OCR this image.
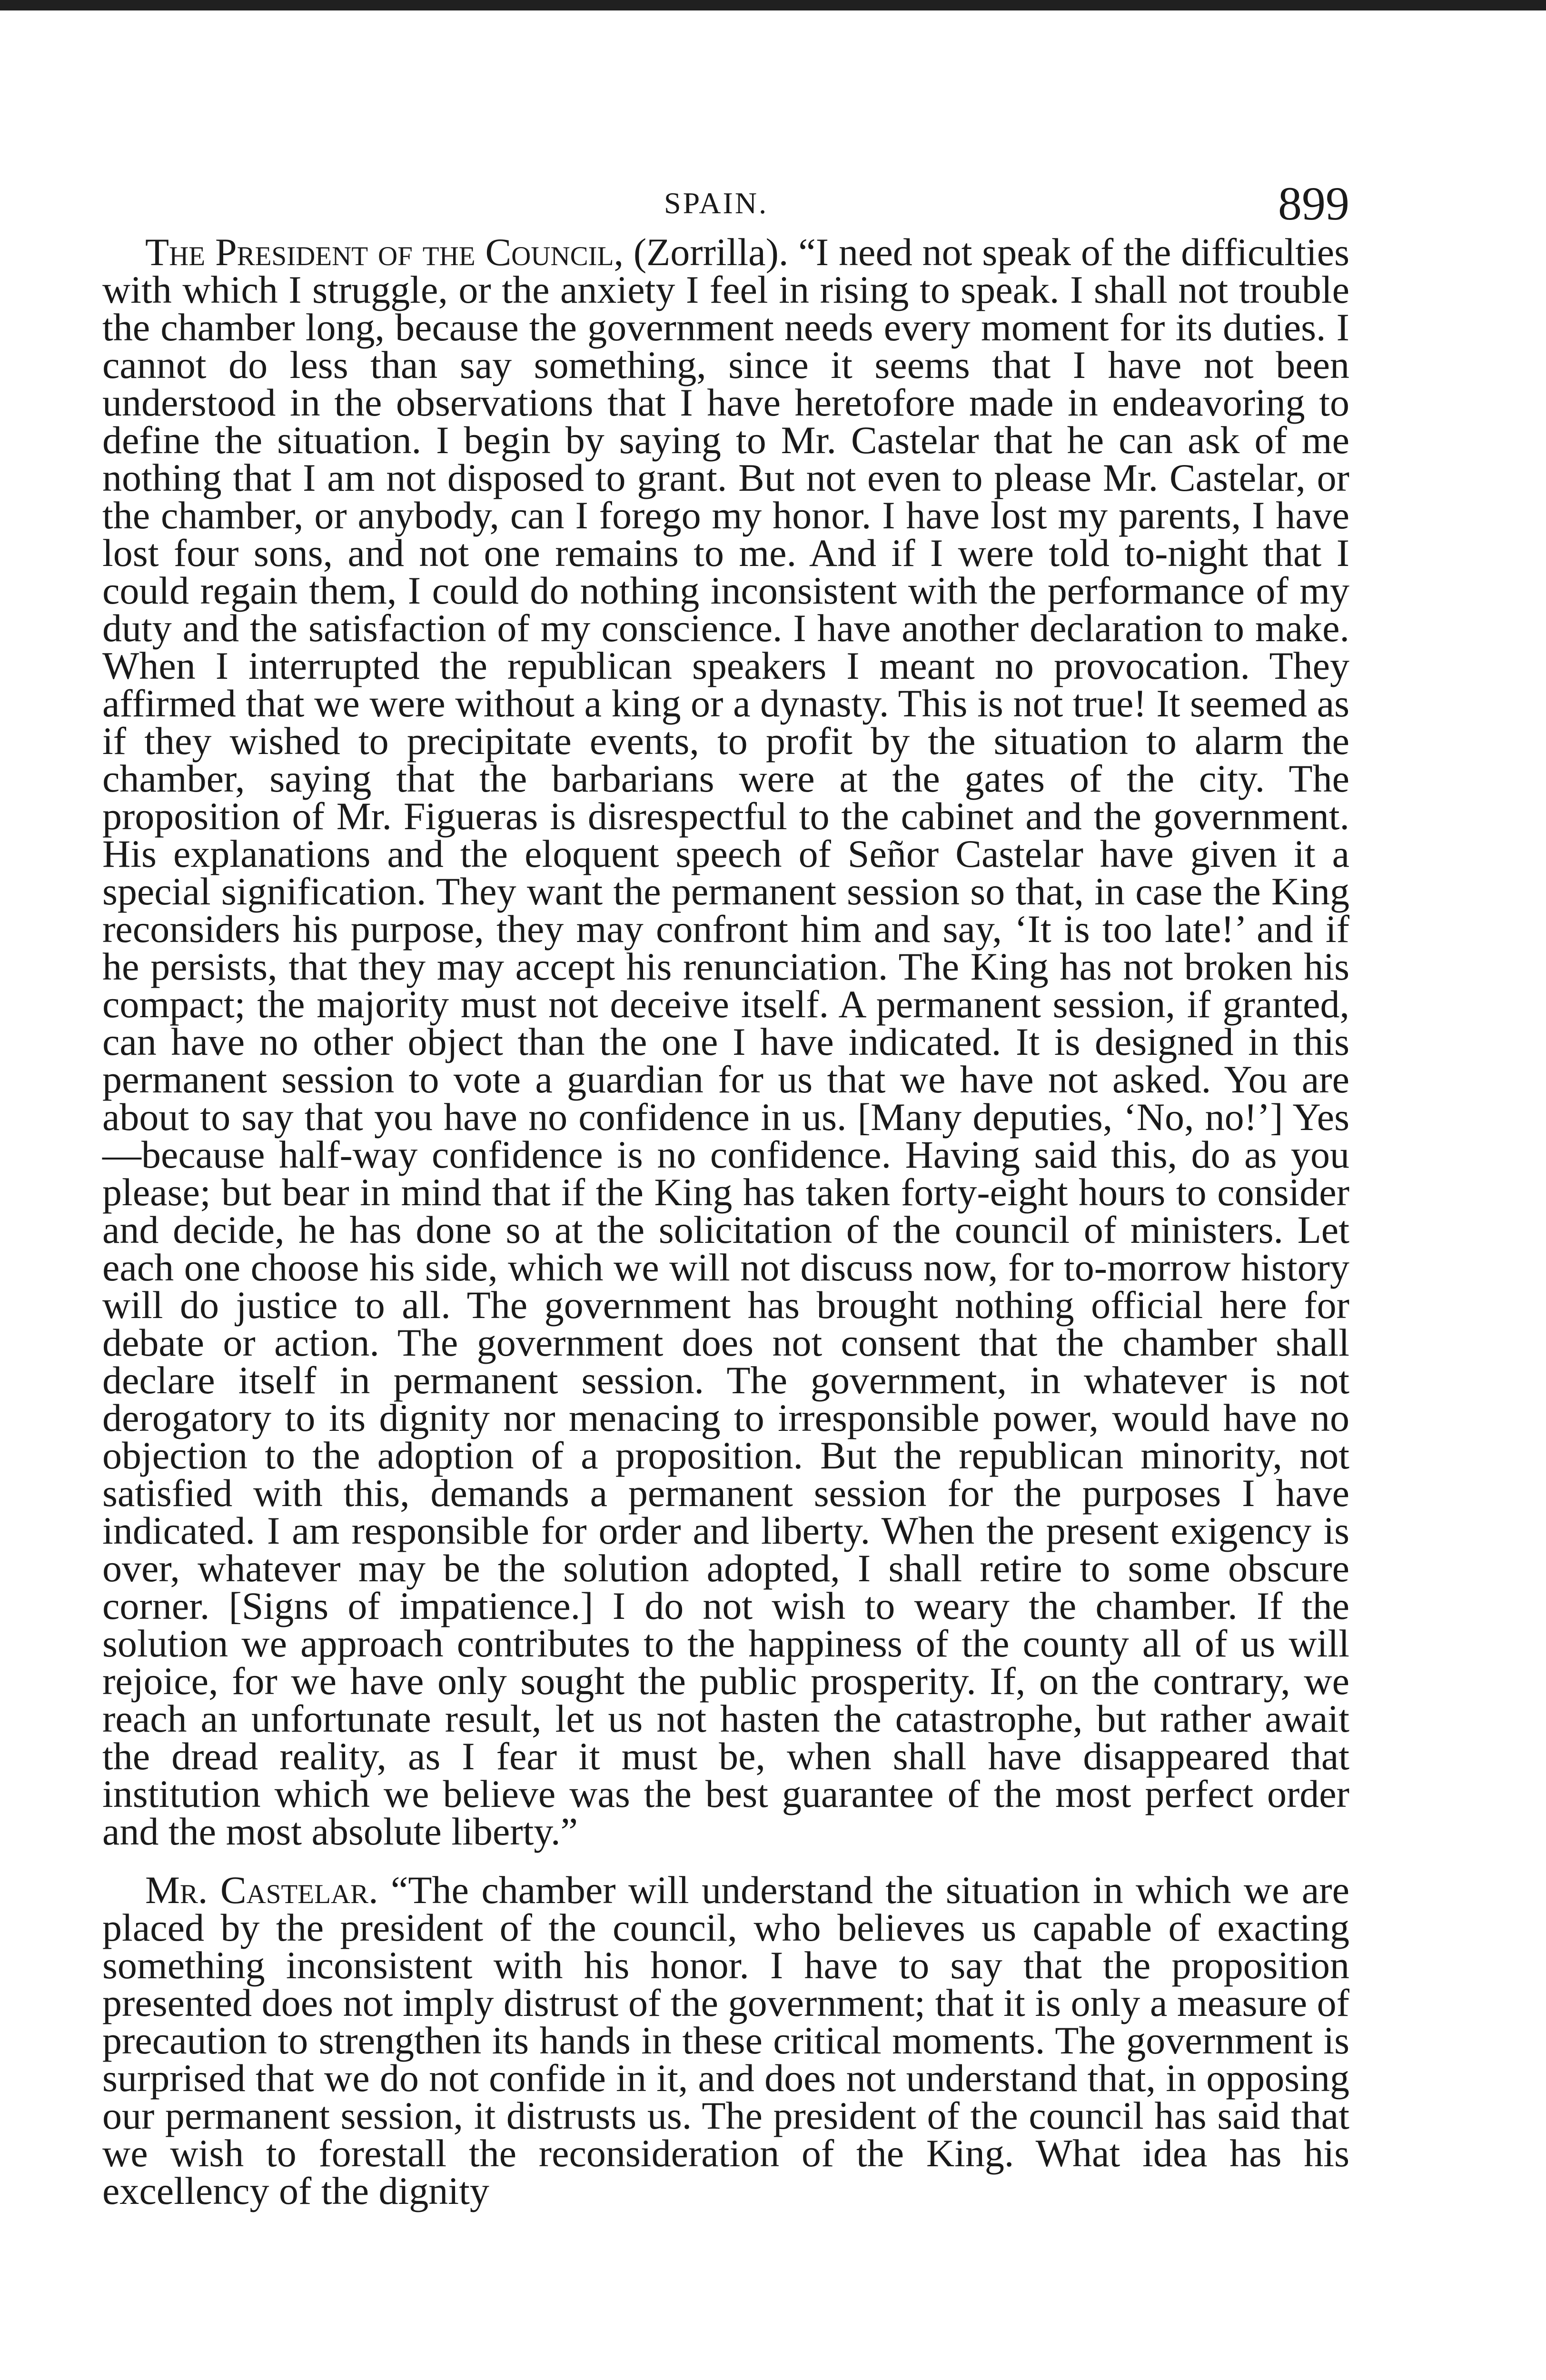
SPAIN.	899

The President of the Council, (Zorrilla). “I need not speak of the difficulties with which I struggle, or the anxiety I feel in rising to speak. I shall not trouble the chamber long, because the government needs every moment for its duties. I cannot do less than say something, since it seems that I have not been understood in the observations that I have heretofore made in endeavoring to define the situation. I begin by saying to Mr. Castelar that he can ask of me nothing that I am not disposed to grant. But not even to please Mr. Castelar, or the chamber, or anybody, can I forego my honor. I have lost my parents, I have lost four sons, and not one remains to me. And if I were told to-night that I could regain them, I could do nothing inconsistent with the performance of my duty and the satisfaction of my conscience. I have another declaration to make. When I interrupted the republican speakers I meant no provocation. They affirmed that we were without a king or a dynasty. This is not true! It seemed as if they wished to precipitate events, to profit by the situation to alarm the chamber, saying that the barbarians were at the gates of the city. The proposition of Mr. Figueras is disrespectful to the cabinet and the government. His explanations and the eloquent speech of Señor Castelar have given it a special signification. They want the permanent session so that, in case the King reconsiders his purpose, they may confront him and say, ‘It is too late!’ and if he persists, that they may accept his renunciation. The King has not broken his compact; the majority must not deceive itself. A permanent session, if granted, can have no other object than the one I have indicated. It is designed in this permanent session to vote a guardian for us that we have not asked. You are about to say that you have no confidence in us. [Many deputies, ‘No, no!’] Yes—because half-way confidence is no confidence. Having said this, do as you please; but bear in mind that if the King has taken forty-eight hours to consider and decide, he has done so at the solicitation of the council of ministers. Let each one choose his side, which we will not discuss now, for to-morrow history will do justice to all. The government has brought nothing official here for debate or action. The government does not consent that the chamber shall declare itself in permanent session. The government, in whatever is not derogatory to its dignity nor menacing to irresponsible power, would have no objection to the adoption of a proposition. But the republican minority, not satisfied with this, demands a permanent session for the purposes I have indicated. I am responsible for order and liberty. When the present exigency is over, whatever may be the solution adopted, I shall retire to some obscure corner. [Signs of impatience.] I do not wish to weary the chamber. If the solution we approach contributes to the happiness of the county all of us will rejoice, for we have only sought the public prosperity. If, on the contrary, we reach an unfortunate result, let us not hasten the catastrophe, but rather await the dread reality, as I fear it must be, when shall have disappeared that institution which we believe was the best guarantee of the most perfect order and the most absolute liberty.”

Mr. Castelar. “The chamber will understand the situation in which we are placed by the president of the council, who believes us capable of exacting something inconsistent with his honor. I have to say that the proposition presented does not imply distrust of the government; that it is only a measure of precaution to strengthen its hands in these critical moments. The government is surprised that we do not confide in it, and does not understand that, in opposing our permanent session, it distrusts us. The president of the council has said that we wish to forestall the reconsideration of the King. What idea has his excellency of the dignity
